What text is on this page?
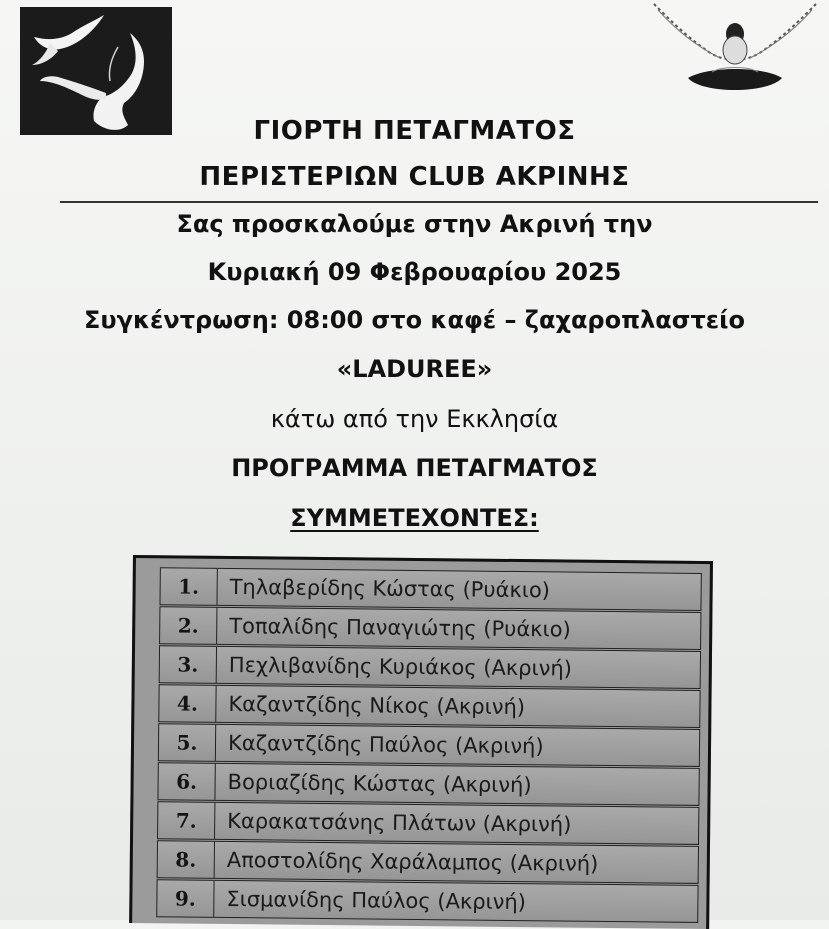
ΓΙΟΡΤΗ ΠΕΤΑΓΜΑΤΟΣ
ΠΕΡΙΣΤΕΡΙΩΝ CLUB ΑΚΡΙΝΗΣ
Σας προσκαλούμε στην Ακρινή την
Κυριακή 09 Φεβρουαρίου 2025
Συγκέντρωση: 08:00 στο καφέ – ζαχαροπλαστείο
«LADUREE»
κάτω από την Εκκλησία
ΠΡΟΓΡΑΜΜΑ ΠΕΤΑΓΜΑΤΟΣ
ΣΥΜΜΕΤΕΧΟΝΤΕΣ:
1.	Τηλαβερίδης Κώστας (Ρυάκιο)
2.	Τοπαλίδης Παναγιώτης (Ρυάκιο)
3.	Πεχλιβανίδης Κυριάκος (Ακρινή)
4.	Καζαντζίδης Νίκος (Ακρινή)
5.	Καζαντζίδης Παύλος (Ακρινή)
6.	Βοριαζίδης Κώστας (Ακρινή)
7.	Καρακατσάνης Πλάτων (Ακρινή)
8.	Αποστολίδης Χαράλαμπος (Ακρινή)
9.	Σισμανίδης Παύλος (Ακρινή)
